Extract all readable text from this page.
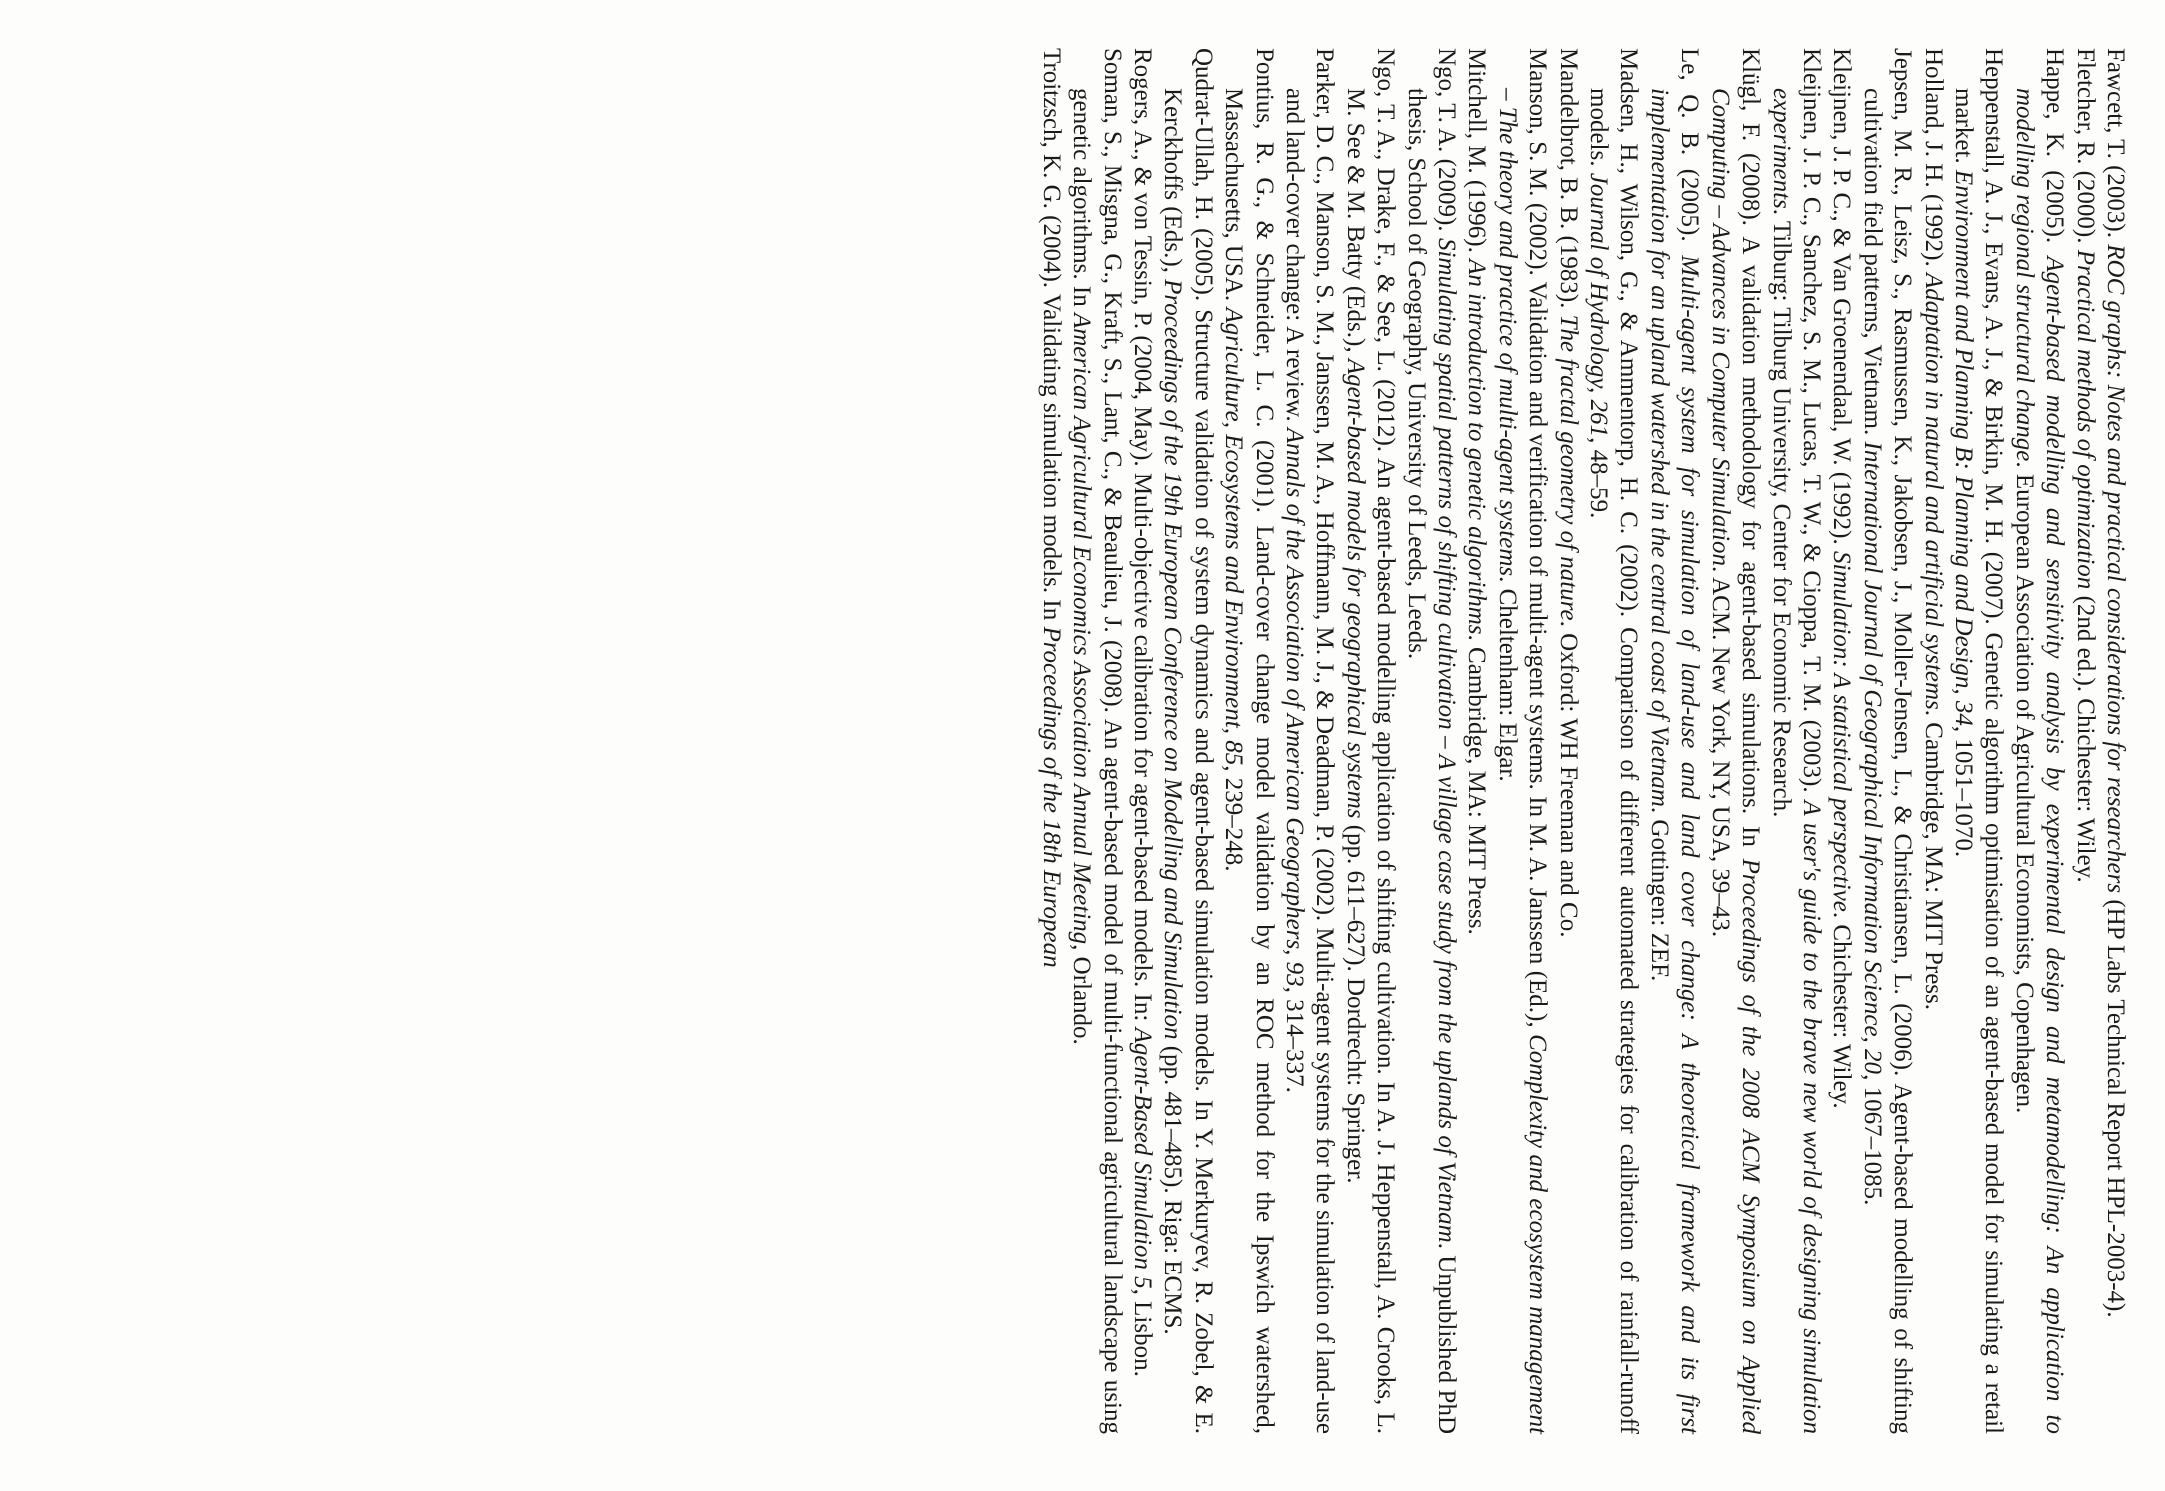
Fawcett, T. (2003). ROC graphs: Notes and practical considerations for researchers (HP Labs Technical Report HPL-2003-4).

Fletcher, R. (2000). Practical methods of optimization (2nd ed.). Chichester: Wiley.

Happe, K. (2005). Agent-based modelling and sensitivity analysis by experimental design and metamodelling: An application to modelling regional structural change. European Association of Agricultural Economists, Copenhagen.

Heppenstall, A. J., Evans, A. J., & Birkin, M. H. (2007). Genetic algorithm optimisation of an agent-based model for simulating a retail market. Environment and Planning B: Planning and Design, 34, 1051–1070.

Holland, J. H. (1992). Adaptation in natural and artificial systems. Cambridge, MA: MIT Press.

Jepsen, M. R., Leisz, S., Rasmussen, K., Jakobsen, J., Moller-Jensen, L., & Christiansen, L. (2006). Agent-based modelling of shifting cultivation field patterns, Vietnam. International Journal of Geographical Information Science, 20, 1067–1085.

Kleijnen, J. P. C., & Van Groenendaal, W. (1992). Simulation: A statistical perspective. Chichester: Wiley.

Kleijnen, J. P. C., Sanchez, S. M., Lucas, T. W., & Cioppa, T. M. (2003). A user's guide to the brave new world of designing simulation experiments. Tilburg: Tilburg University, Center for Economic Research.

Klügl, F. (2008). A validation methodology for agent-based simulations. In Proceedings of the 2008 ACM Symposium on Applied Computing – Advances in Computer Simulation. ACM. New York, NY, USA, 39–43.

Le, Q. B. (2005). Multi-agent system for simulation of land-use and land cover change: A theoretical framework and its first implementation for an upland watershed in the central coast of Vietnam. Gottingen: ZEF.

Madsen, H., Wilson, G., & Ammentorp, H. C. (2002). Comparison of different automated strategies for calibration of rainfall-runoff models. Journal of Hydrology, 261, 48–59.

Mandelbrot, B. B. (1983). The fractal geometry of nature. Oxford: WH Freeman and Co.

Manson, S. M. (2002). Validation and verification of multi-agent systems. In M. A. Janssen (Ed.), Complexity and ecosystem management – The theory and practice of multi-agent systems. Cheltenham: Elgar.

Mitchell, M. (1996). An introduction to genetic algorithms. Cambridge, MA: MIT Press.

Ngo, T. A. (2009). Simulating spatial patterns of shifting cultivation – A village case study from the uplands of Vietnam. Unpublished PhD thesis, School of Geography, University of Leeds, Leeds.

Ngo, T. A., Drake, F., & See, L. (2012). An agent-based modelling application of shifting cultivation. In A. J. Heppenstall, A. Crooks, L. M. See & M. Batty (Eds.), Agent-based models for geographical systems (pp. 611–627). Dordrecht: Springer.

Parker, D. C., Manson, S. M., Janssen, M. A., Hoffmann, M. J., & Deadman, P. (2002). Multi-agent systems for the simulation of land-use and land-cover change: A review. Annals of the Association of American Geographers, 93, 314–337.

Pontius, R. G., & Schneider, L. C. (2001). Land-cover change model validation by an ROC method for the Ipswich watershed, Massachusetts, USA. Agriculture, Ecosystems and Environment, 85, 239–248.

Qudrat-Ullah, H. (2005). Structure validation of system dynamics and agent-based simulation models. In Y. Merkuryev, R. Zobel, & E. Kerckhoffs (Eds.), Proceedings of the 19th European Conference on Modelling and Simulation (pp. 481–485). Riga: ECMS.

Rogers, A., & von Tessin, P. (2004, May). Multi-objective calibration for agent-based models. In: Agent-Based Simulation 5, Lisbon.

Soman, S., Misgna, G., Kraft, S., Lant, C., & Beaulieu, J. (2008). An agent-based model of multi-functional agricultural landscape using genetic algorithms. In American Agricultural Economics Association Annual Meeting, Orlando.

Troitzsch, K. G. (2004). Validating simulation models. In Proceedings of the 18th European
